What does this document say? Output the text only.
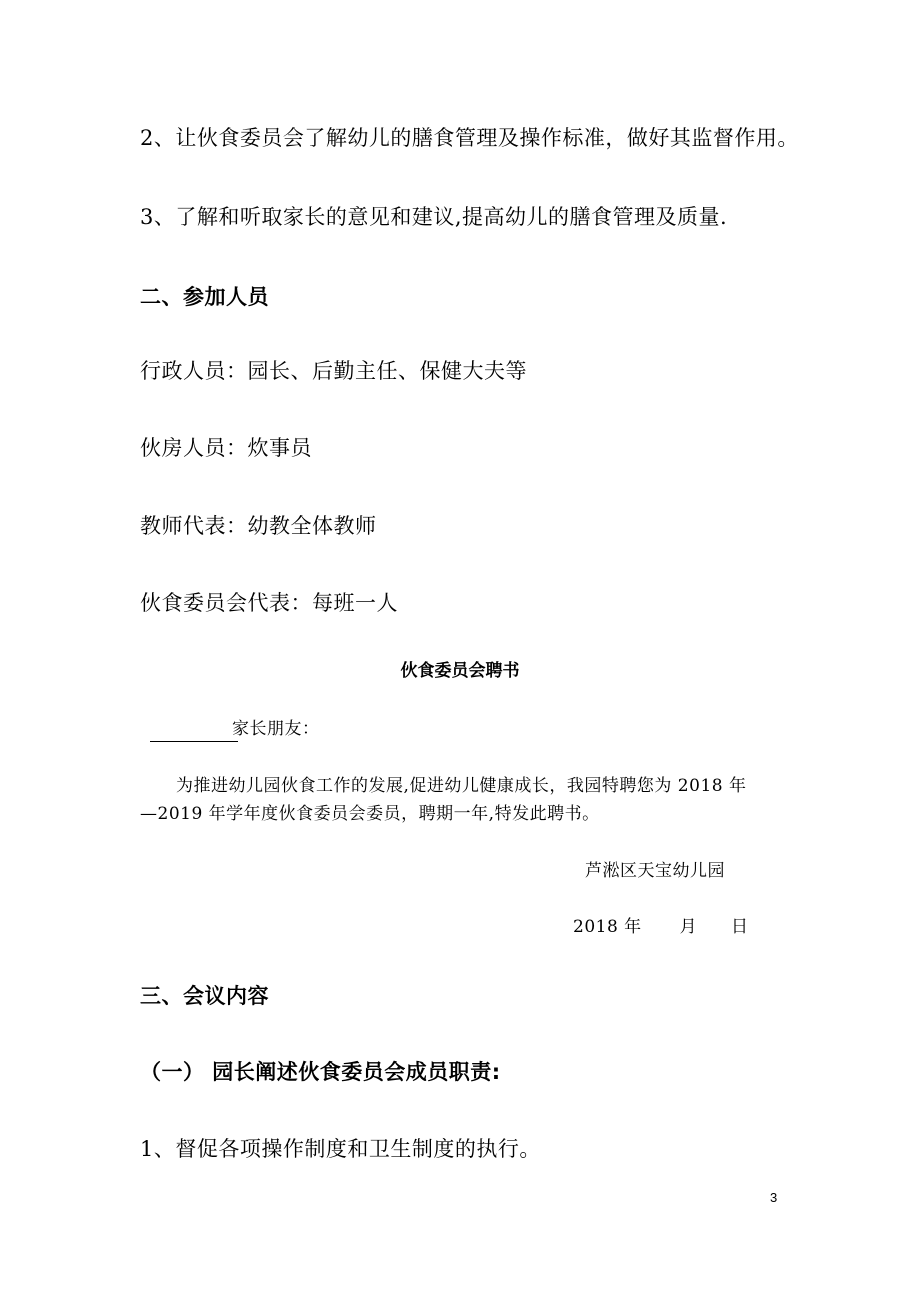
2、让伙食委员会了解幼儿的膳食管理及操作标准，做好其监督作用。
3、了解和听取家长的意见和建议,提高幼儿的膳食管理及质量.
二、参加人员
行政人员：园长、后勤主任、保健大夫等
伙房人员：炊事员
教师代表：幼教全体教师
伙食委员会代表：每班一人
伙食委员会聘书
家长朋友：
为推进幼儿园伙食工作的发展,促进幼儿健康成长，我园特聘您为 2018 年
—2019 年学年度伙食委员会委员，聘期一年,特发此聘书。
芦淞区天宝幼儿园
2018 年 月 日
三、会议内容
（一） 园长阐述伙食委员会成员职责:
1、督促各项操作制度和卫生制度的执行。
3
